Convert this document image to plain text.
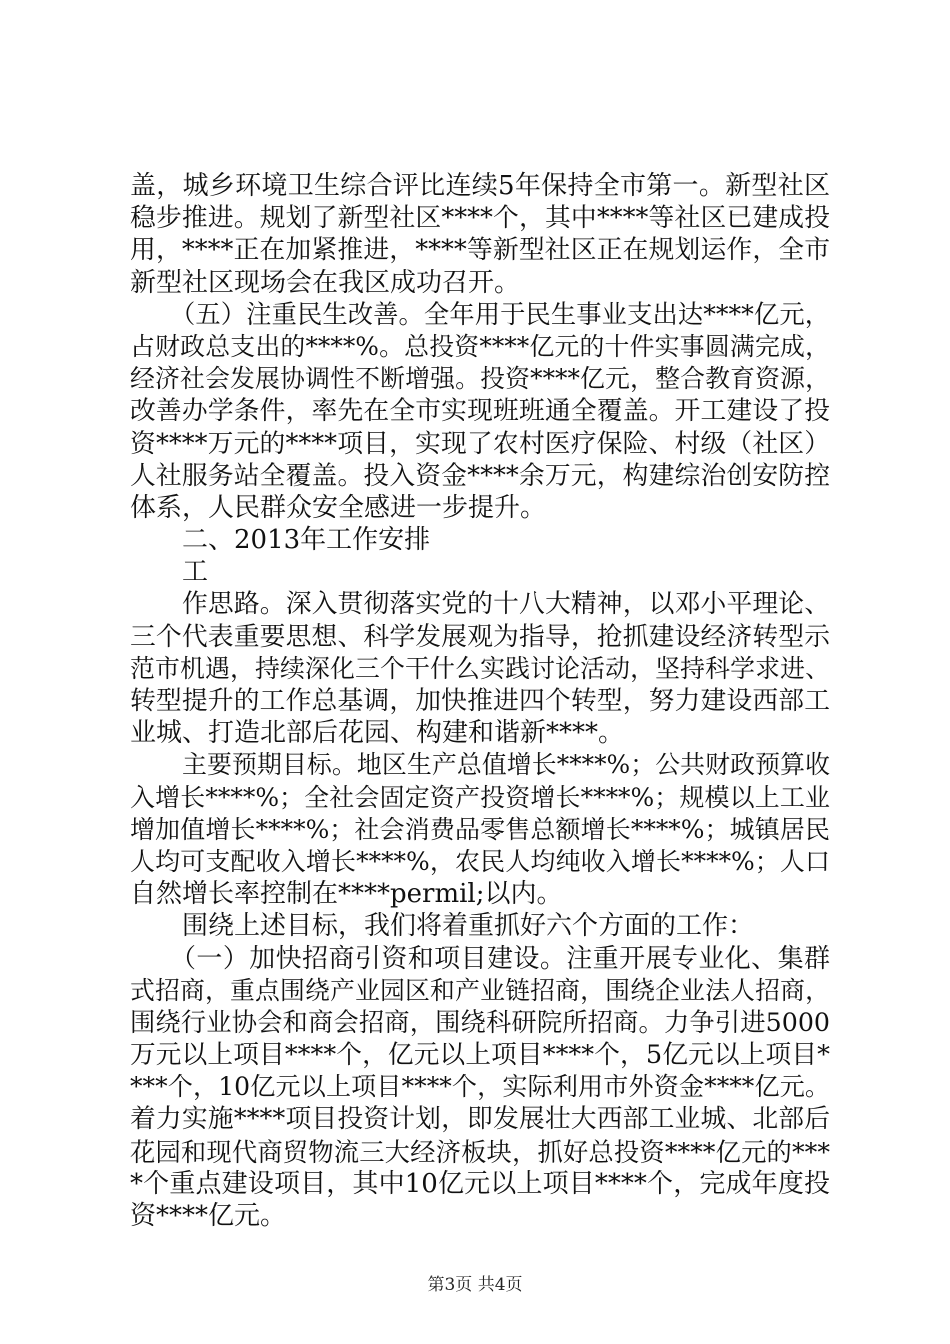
盖，城乡环境卫生综合评比连续5年保持全市第一。新型社区
稳步推进。规划了新型社区****个，其中****等社区已建成投
用，****正在加紧推进，****等新型社区正在规划运作，全市
新型社区现场会在我区成功召开。
（五）注重民生改善。全年用于民生事业支出达****亿元，
占财政总支出的****%。总投资****亿元的十件实事圆满完成，
经济社会发展协调性不断增强。投资****亿元，整合教育资源，
改善办学条件，率先在全市实现班班通全覆盖。开工建设了投
资****万元的****项目，实现了农村医疗保险、村级（社区）
人社服务站全覆盖。投入资金****余万元，构建综治创安防控
体系，人民群众安全感进一步提升。
二、2013年工作安排
工
作思路。深入贯彻落实党的十八大精神，以邓小平理论、
三个代表重要思想、科学发展观为指导，抢抓建设经济转型示
范市机遇，持续深化三个干什么实践讨论活动，坚持科学求进、
转型提升的工作总基调，加快推进四个转型，努力建设西部工
业城、打造北部后花园、构建和谐新****。
主要预期目标。地区生产总值增长****%；公共财政预算收
入增长****%；全社会固定资产投资增长****%；规模以上工业
增加值增长****%；社会消费品零售总额增长****%；城镇居民
人均可支配收入增长****%，农民人均纯收入增长****%；人口
自然增长率控制在****permil;以内。
围绕上述目标，我们将着重抓好六个方面的工作：
（一）加快招商引资和项目建设。注重开展专业化、集群
式招商，重点围绕产业园区和产业链招商，围绕企业法人招商，
围绕行业协会和商会招商，围绕科研院所招商。力争引进5000
万元以上项目****个，亿元以上项目****个，5亿元以上项目*
***个，10亿元以上项目****个，实际利用市外资金****亿元。
着力实施****项目投资计划，即发展壮大西部工业城、北部后
花园和现代商贸物流三大经济板块，抓好总投资****亿元的***
*个重点建设项目，其中10亿元以上项目****个，完成年度投
资****亿元。
第3页 共4页
